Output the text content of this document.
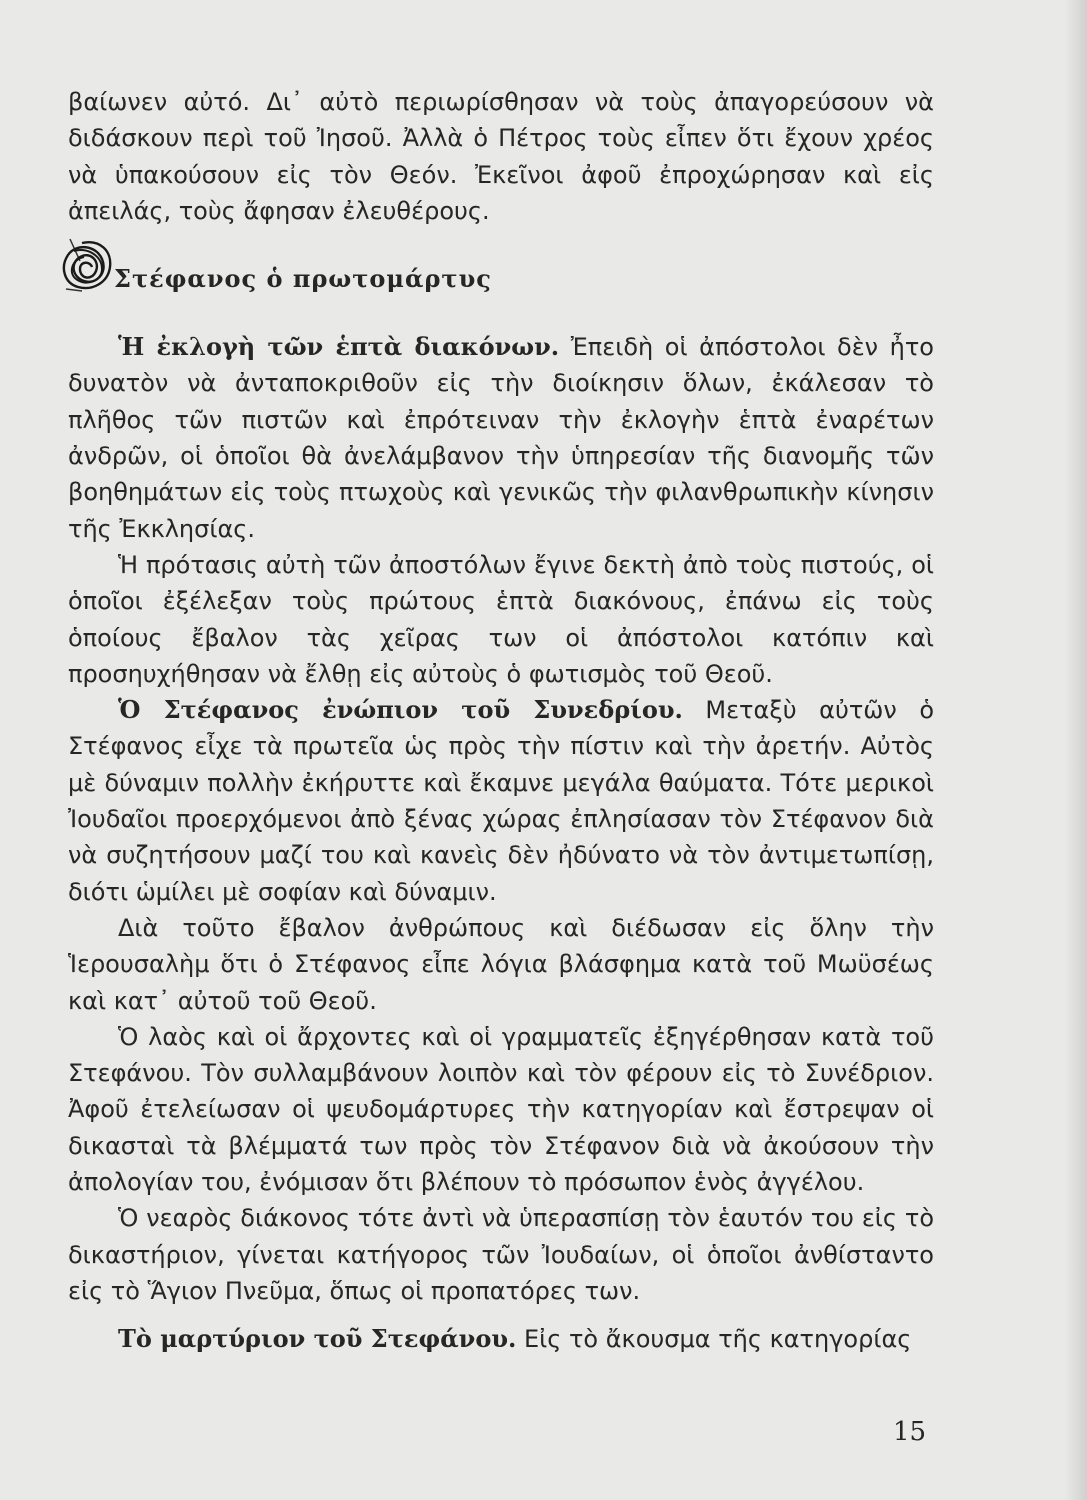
βαίωνεν αὐτό. Δι᾽ αὐτὸ περιωρίσθησαν νὰ τοὺς ἀπαγορεύσουν νὰ διδάσκουν περὶ τοῦ Ἰησοῦ. Ἀλλὰ ὁ Πέτρος τοὺς εἶπεν ὅτι ἔχουν χρέος νὰ ὑπακούσουν εἰς τὸν Θεόν. Ἐκεῖνοι ἀφοῦ ἐπροχώρησαν καὶ εἰς ἀπειλάς, τοὺς ἄφησαν ἐλευθέρους.

Στέφανος ὁ πρωτομάρτυς

Ἡ ἐκλογὴ τῶν ἑπτὰ διακόνων. Ἐπειδὴ οἱ ἀπόστολοι δὲν ἦτο δυνατὸν νὰ ἀνταποκριθοῦν εἰς τὴν διοίκησιν ὅλων, ἐκάλεσαν τὸ πλῆθος τῶν πιστῶν καὶ ἐπρότειναν τὴν ἐκλογὴν ἑπτὰ ἐναρέτων ἀνδρῶν, οἱ ὁποῖοι θὰ ἀνελάμβανον τὴν ὑπηρεσίαν τῆς διανομῆς τῶν βοηθημάτων εἰς τοὺς πτωχοὺς καὶ γενικῶς τὴν φιλανθρωπικὴν κίνησιν τῆς Ἐκκλησίας.

Ἡ πρότασις αὐτὴ τῶν ἀποστόλων ἔγινε δεκτὴ ἀπὸ τοὺς πιστούς, οἱ ὁποῖοι ἐξέλεξαν τοὺς πρώτους ἑπτὰ διακόνους, ἐπάνω εἰς τοὺς ὁποίους ἔβαλον τὰς χεῖρας των οἱ ἀπόστολοι κατόπιν καὶ προσηυχήθησαν νὰ ἔλθῃ εἰς αὐτοὺς ὁ φωτισμὸς τοῦ Θεοῦ.

Ὁ Στέφανος ἐνώπιον τοῦ Συνεδρίου. Μεταξὺ αὐτῶν ὁ Στέφανος εἶχε τὰ πρωτεῖα ὡς πρὸς τὴν πίστιν καὶ τὴν ἀρετήν. Αὐτὸς μὲ δύναμιν πολλὴν ἐκήρυττε καὶ ἔκαμνε μεγάλα θαύματα. Τότε μερικοὶ Ἰουδαῖοι προερχόμενοι ἀπὸ ξένας χώρας ἐπλησίασαν τὸν Στέφανον διὰ νὰ συζητήσουν μαζί του καὶ κανεὶς δὲν ἠδύνατο νὰ τὸν ἀντιμετωπίσῃ, διότι ὡμίλει μὲ σοφίαν καὶ δύναμιν.

Διὰ τοῦτο ἔβαλον ἀνθρώπους καὶ διέδωσαν εἰς ὅλην τὴν Ἱερουσαλὴμ ὅτι ὁ Στέφανος εἶπε λόγια βλάσφημα κατὰ τοῦ Μωϋσέως καὶ κατ᾽ αὐτοῦ τοῦ Θεοῦ.

Ὁ λαὸς καὶ οἱ ἄρχοντες καὶ οἱ γραμματεῖς ἐξηγέρθησαν κατὰ τοῦ Στεφάνου. Τὸν συλλαμβάνουν λοιπὸν καὶ τὸν φέρουν εἰς τὸ Συνέδριον. Ἀφοῦ ἐτελείωσαν οἱ ψευδομάρτυρες τὴν κατηγορίαν καὶ ἔστρεψαν οἱ δικασταὶ τὰ βλέμματά των πρὸς τὸν Στέφανον διὰ νὰ ἀκούσουν τὴν ἀπολογίαν του, ἐνόμισαν ὅτι βλέπουν τὸ πρόσωπον ἑνὸς ἀγγέλου.

Ὁ νεαρὸς διάκονος τότε ἀντὶ νὰ ὑπερασπίσῃ τὸν ἑαυτόν του εἰς τὸ δικαστήριον, γίνεται κατήγορος τῶν Ἰουδαίων, οἱ ὁποῖοι ἀνθίσταντο εἰς τὸ Ἅγιον Πνεῦμα, ὅπως οἱ προπατόρες των.

Τὸ μαρτύριον τοῦ Στεφάνου. Εἰς τὸ ἄκουσμα τῆς κατηγορίας

15
